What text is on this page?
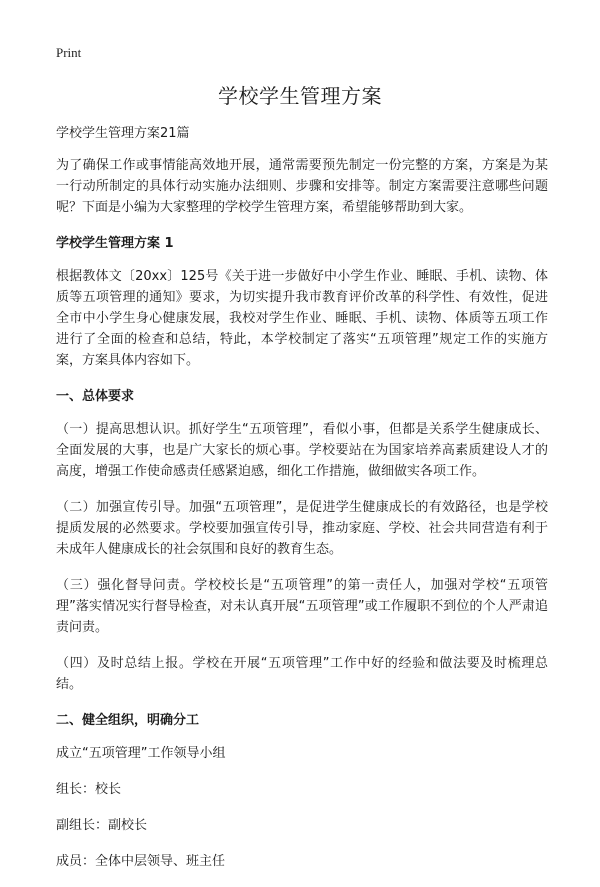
Print
学校学生管理方案

学校学生管理方案21篇

为了确保工作或事情能高效地开展，通常需要预先制定一份完整的方案，方案是为某一行动所制定的具体行动实施办法细则、步骤和安排等。制定方案需要注意哪些问题呢？下面是小编为大家整理的学校学生管理方案，希望能够帮助到大家。

学校学生管理方案 1

根据教体文〔20xx〕125号《关于进一步做好中小学生作业、睡眠、手机、读物、体质等五项管理的通知》要求，为切实提升我市教育评价改革的科学性、有效性，促进全市中小学生身心健康发展，我校对学生作业、睡眠、手机、读物、体质等五项工作进行了全面的检查和总结，特此，本学校制定了落实“五项管理”规定工作的实施方案，方案具体内容如下。

一、总体要求

（一）提高思想认识。抓好学生“五项管理”，看似小事，但都是关系学生健康成长、全面发展的大事，也是广大家长的烦心事。学校要站在为国家培养高素质建设人才的高度，增强工作使命感责任感紧迫感，细化工作措施，做细做实各项工作。

（二）加强宣传引导。加强“五项管理”，是促进学生健康成长的有效路径，也是学校提质发展的必然要求。学校要加强宣传引导，推动家庭、学校、社会共同营造有利于未成年人健康成长的社会氛围和良好的教育生态。

（三）强化督导问责。学校校长是“五项管理”的第一责任人，加强对学校“五项管理”落实情况实行督导检查，对未认真开展“五项管理”或工作履职不到位的个人严肃追责问责。

（四）及时总结上报。学校在开展“五项管理”工作中好的经验和做法要及时梳理总结。

二、健全组织，明确分工

成立“五项管理”工作领导小组

组长：校长

副组长：副校长

成员：全体中层领导、班主任
